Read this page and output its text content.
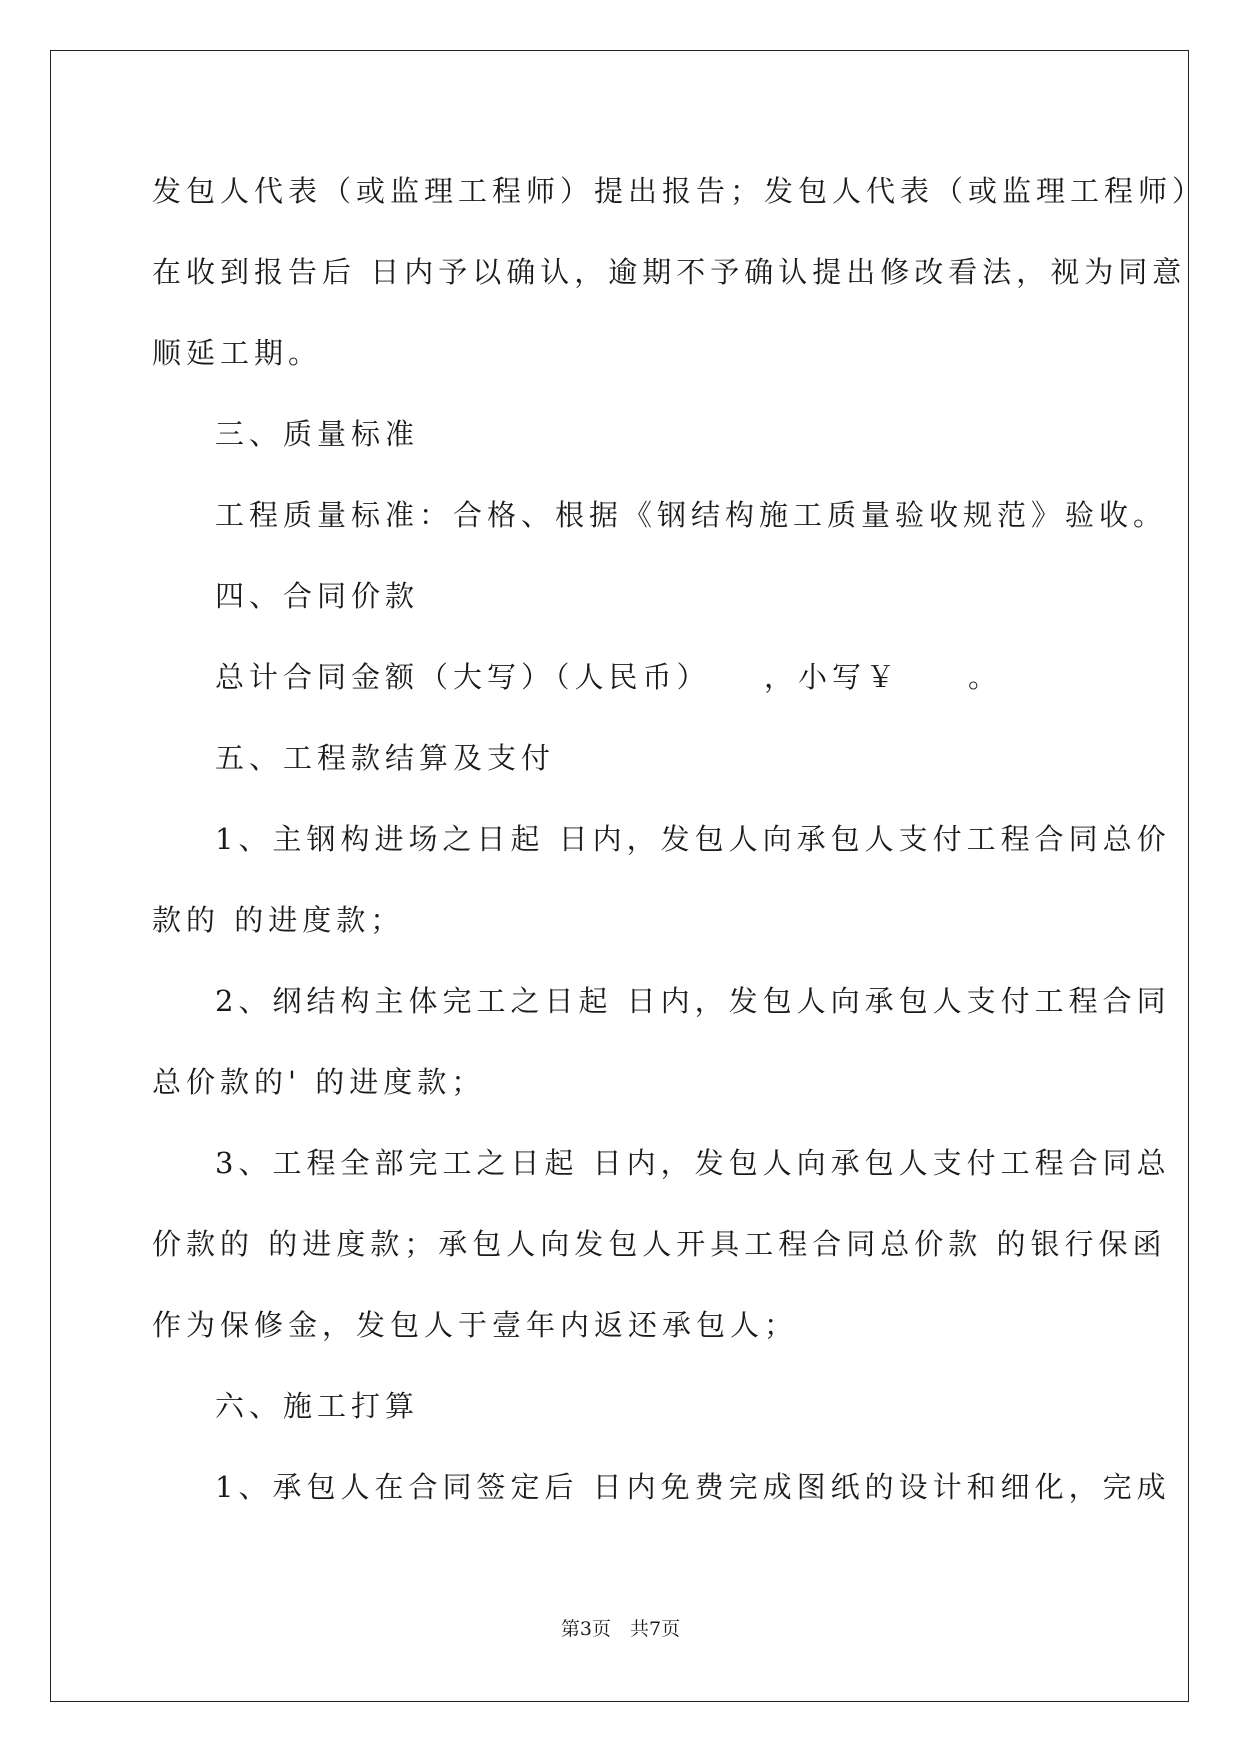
发包人代表（或监理工程师）提出报告；发包人代表（或监理工程师）
在收到报告后 日内予以确认，逾期不予确认提出修改看法，视为同意
顺延工期。
三、质量标准
工程质量标准：合格、根据《钢结构施工质量验收规范》验收。
四、合同价款
总计合同金额（大写）（人民币）　　，小写￥　　。
五、工程款结算及支付
1、主钢构进场之日起 日内，发包人向承包人支付工程合同总价
款的 的进度款；
2、纲结构主体完工之日起 日内，发包人向承包人支付工程合同
总价款的' 的进度款；
3、工程全部完工之日起 日内，发包人向承包人支付工程合同总
价款的 的进度款；承包人向发包人开具工程合同总价款 的银行保函
作为保修金，发包人于壹年内返还承包人；
六、施工打算
1、承包人在合同签定后 日内免费完成图纸的设计和细化，完成
第3页　共7页
